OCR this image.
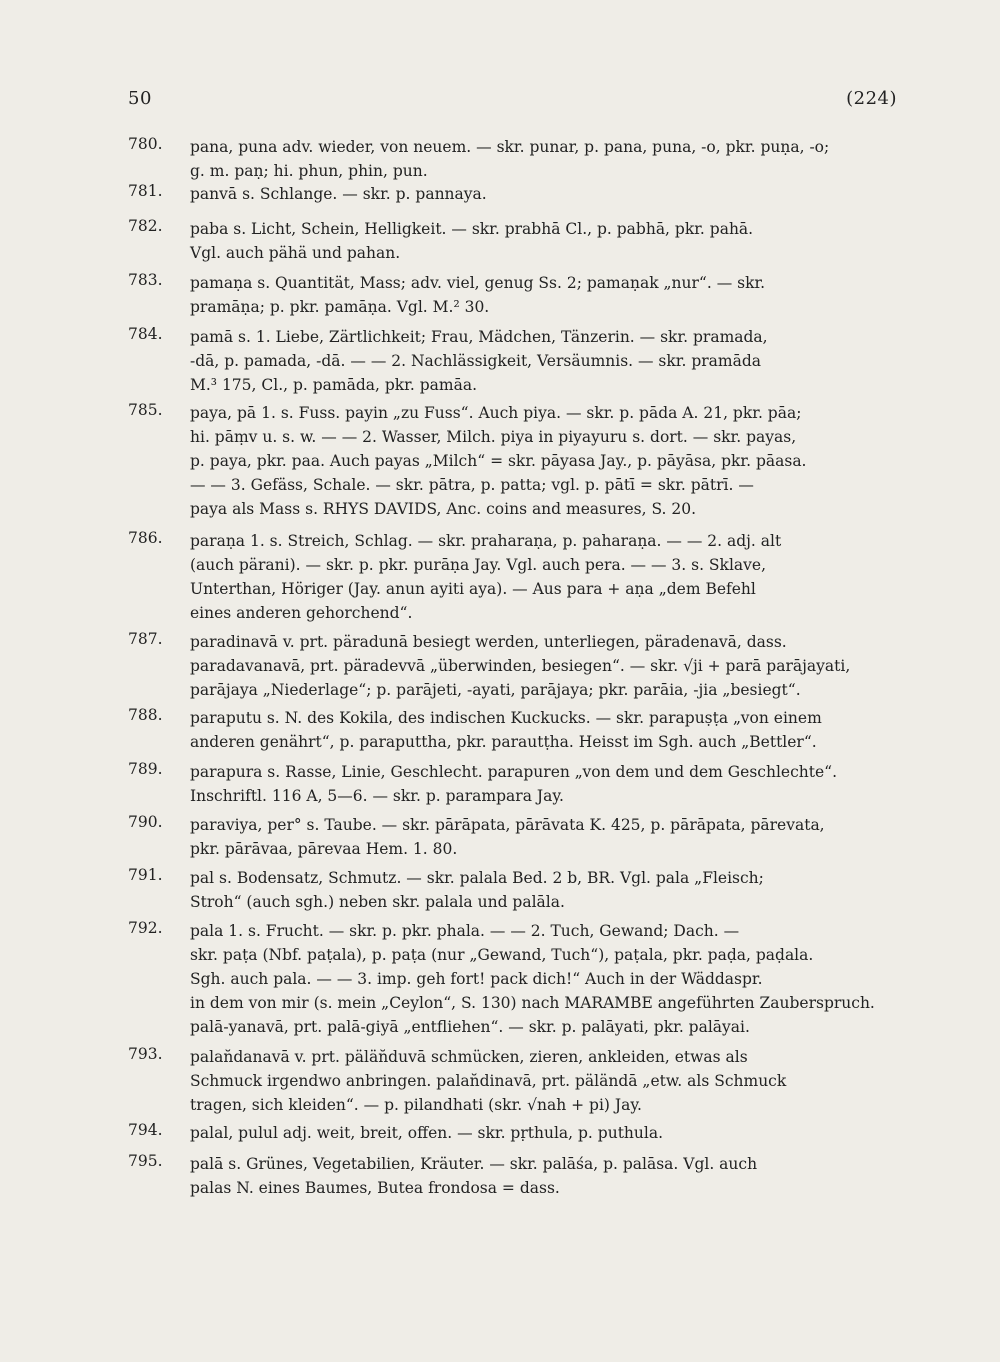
50	(224)
780.	pana, puna adv. wieder, von neuem. — skr. punar, p. pana, puna, -o, pkr. puṇa, -o;
g. m. paṇ; hi. phun, phin, pun.
781.	panvā s. Schlange. — skr. p. pannaya.
782.	paba s. Licht, Schein, Helligkeit. — skr. prabhā Cl., p. pabhā, pkr. pahā.
Vgl. auch pähä und pahan.
783.	pamaṇa s. Quantität, Mass; adv. viel, genug Ss. 2; pamaṇak „nur“. — skr.
pramāṇa; p. pkr. pamāṇa. Vgl. M.² 30.
784.	pamā s. 1. Liebe, Zärtlichkeit; Frau, Mädchen, Tänzerin. — skr. pramada,
-dā, p. pamada, -dā. — — 2. Nachlässigkeit, Versäumnis. — skr. pramāda
M.³ 175, Cl., p. pamāda, pkr. pamāa.
785.	paya, pā 1. s. Fuss. payin „zu Fuss“. Auch piya. — skr. p. pāda A. 21, pkr. pāa;
hi. pāṃv u. s. w. — — 2. Wasser, Milch. piya in piyayuru s. dort. — skr. payas,
p. paya, pkr. paa. Auch payas „Milch“ = skr. pāyasa Jay., p. pāyāsa, pkr. pāasa.
— — 3. Gefäss, Schale. — skr. pātra, p. patta; vgl. p. pātī = skr. pātrī. —
paya als Mass s. RHYS DAVIDS, Anc. coins and measures, S. 20.
786.	paraṇa 1. s. Streich, Schlag. — skr. praharaṇa, p. paharaṇa. — — 2. adj. alt
(auch pärani). — skr. p. pkr. purāṇa Jay. Vgl. auch pera. — — 3. s. Sklave,
Unterthan, Höriger (Jay. anun ayiti aya). — Aus para + aṇa „dem Befehl
eines anderen gehorchend“.
787.	paradinavā v. prt. päradunā besiegt werden, unterliegen, päradenavā, dass.
paradavanavā, prt. päradevvā „überwinden, besiegen“. — skr. √ji + parā parājayati,
parājaya „Niederlage“; p. parājeti, -ayati, parājaya; pkr. parāia, -jia „besiegt“.
788.	paraputu s. N. des Kokila, des indischen Kuckucks. — skr. parapuṣṭa „von einem
anderen genährt“, p. paraputtha, pkr. parautṭha. Heisst im Sgh. auch „Bettler“.
789.	parapura s. Rasse, Linie, Geschlecht. parapuren „von dem und dem Geschlechte“.
Inschriftl. 116 A, 5—6. — skr. p. parampara Jay.
790.	paraviya, per° s. Taube. — skr. pārāpata, pārāvata K. 425, p. pārāpata, pārevata,
pkr. pārāvaa, pārevaa Hem. 1. 80.
791.	pal s. Bodensatz, Schmutz. — skr. palala Bed. 2 b, BR. Vgl. pala „Fleisch;
Stroh“ (auch sgh.) neben skr. palala und palāla.
792.	pala 1. s. Frucht. — skr. p. pkr. phala. — — 2. Tuch, Gewand; Dach. —
skr. paṭa (Nbf. paṭala), p. paṭa (nur „Gewand, Tuch“), paṭala, pkr. paḍa, paḍala.
Sgh. auch pala. — — 3. imp. geh fort! pack dich!“ Auch in der Wäddaspr.
in dem von mir (s. mein „Ceylon“, S. 130) nach MARAMBE angeführten Zauberspruch.
palā-yanavā, prt. palā-giyā „entfliehen“. — skr. p. palāyati, pkr. palāyai.
793.	palan̆danavā v. prt. pälän̆duvā schmücken, zieren, ankleiden, etwas als
Schmuck irgendwo anbringen. palan̆dinavā, prt. päländā „etw. als Schmuck
tragen, sich kleiden“. — p. pilandhati (skr. √nah + pi) Jay.
794.	palal, pulul adj. weit, breit, offen. — skr. pṛthula, p. puthula.
795.	palā s. Grünes, Vegetabilien, Kräuter. — skr. palāśa, p. palāsa. Vgl. auch
palas N. eines Baumes, Butea frondosa = dass.
